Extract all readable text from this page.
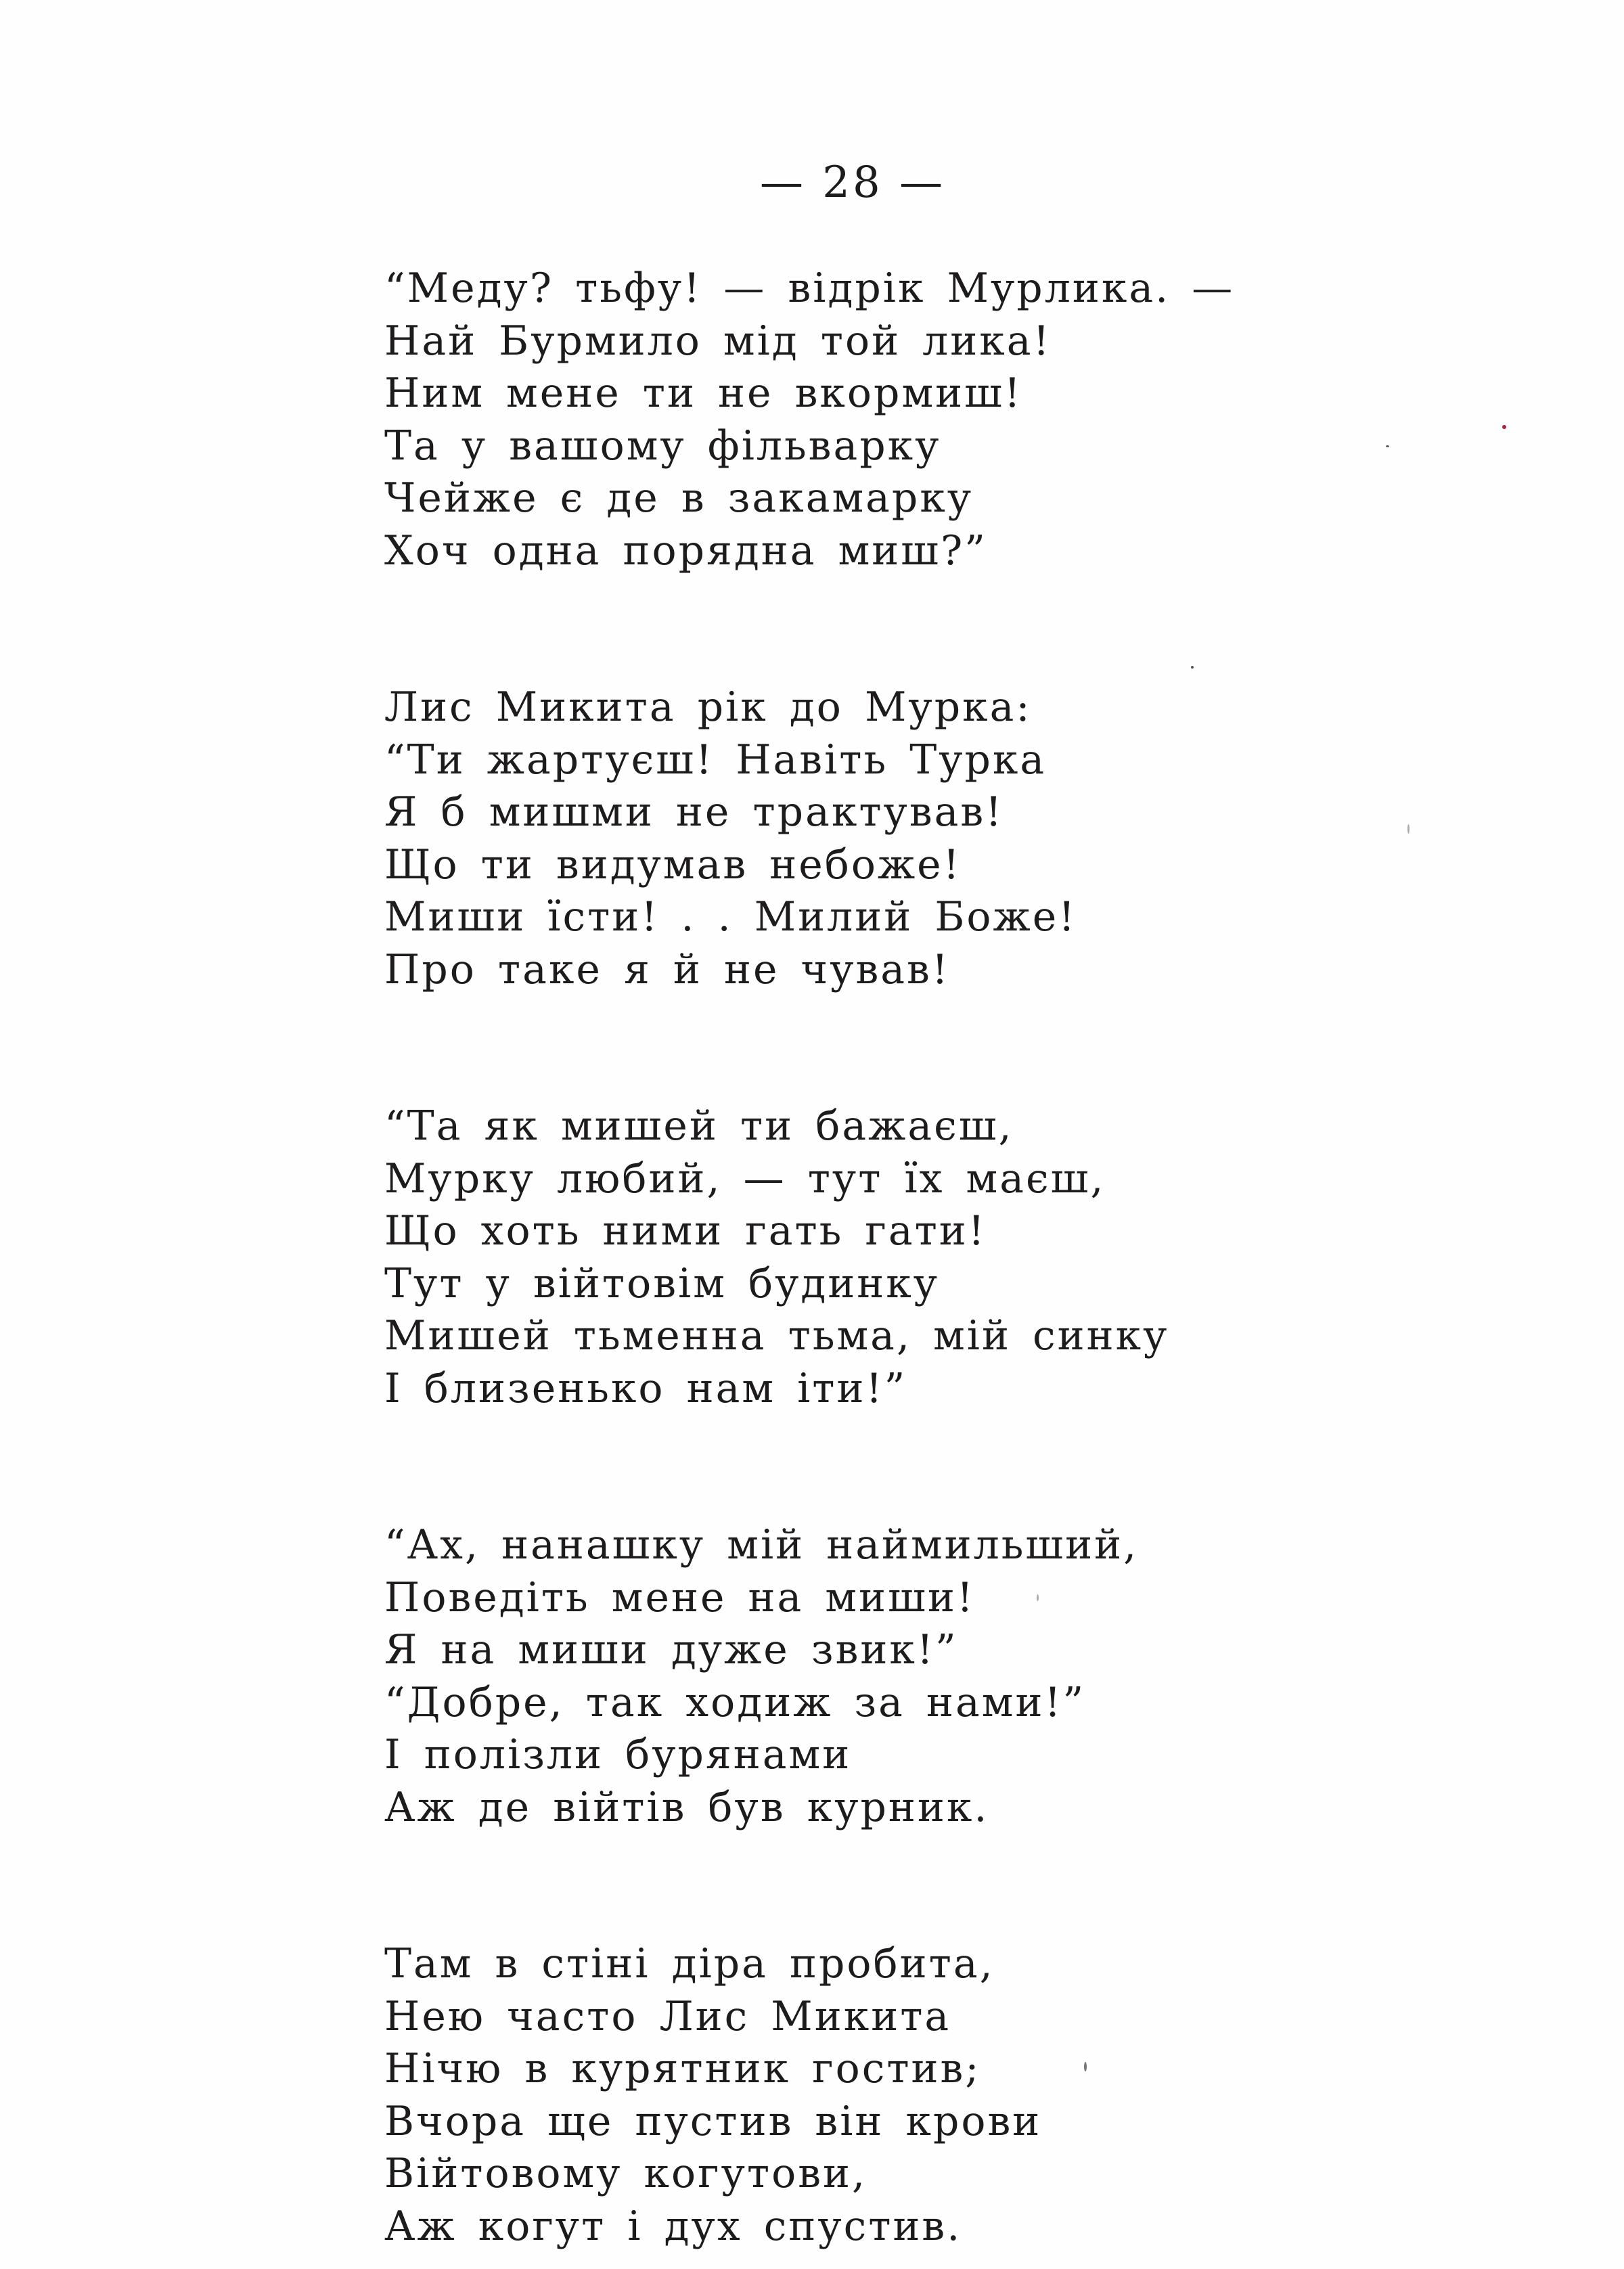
— 28 —
“Меду? тьфу! — відрік Мурлика. —
Най Бурмило мід той лика!
Ним мене ти не вкормиш!
Та у вашому фільварку
Чейже є де в закамарку
Хоч одна порядна миш?”
Лис Микита рік до Мурка:
“Ти жартуєш! Навіть Турка
Я б мишми не трактував!
Що ти видумав небоже!
Миши їсти! . . Милий Боже!
Про таке я й не чував!
“Та як мишей ти бажаєш,
Мурку любий, — тут їх маєш,
Що хоть ними гать гати!
Тут у війтовім будинку
Мишей тьменна тьма, мій синку
І близенько нам іти!”
“Ах, нанашку мій наймильший,
Поведіть мене на миши!
Я на миши дуже звик!”
“Добре, так ходиж за нами!”
І полізли бурянами
Аж де війтів був курник.
Там в стіні діра пробита,
Нею часто Лис Микита
Нічю в курятник гостив;
Вчора ще пустив він крови
Війтовому когутови,
Аж когут і дух спустив.
